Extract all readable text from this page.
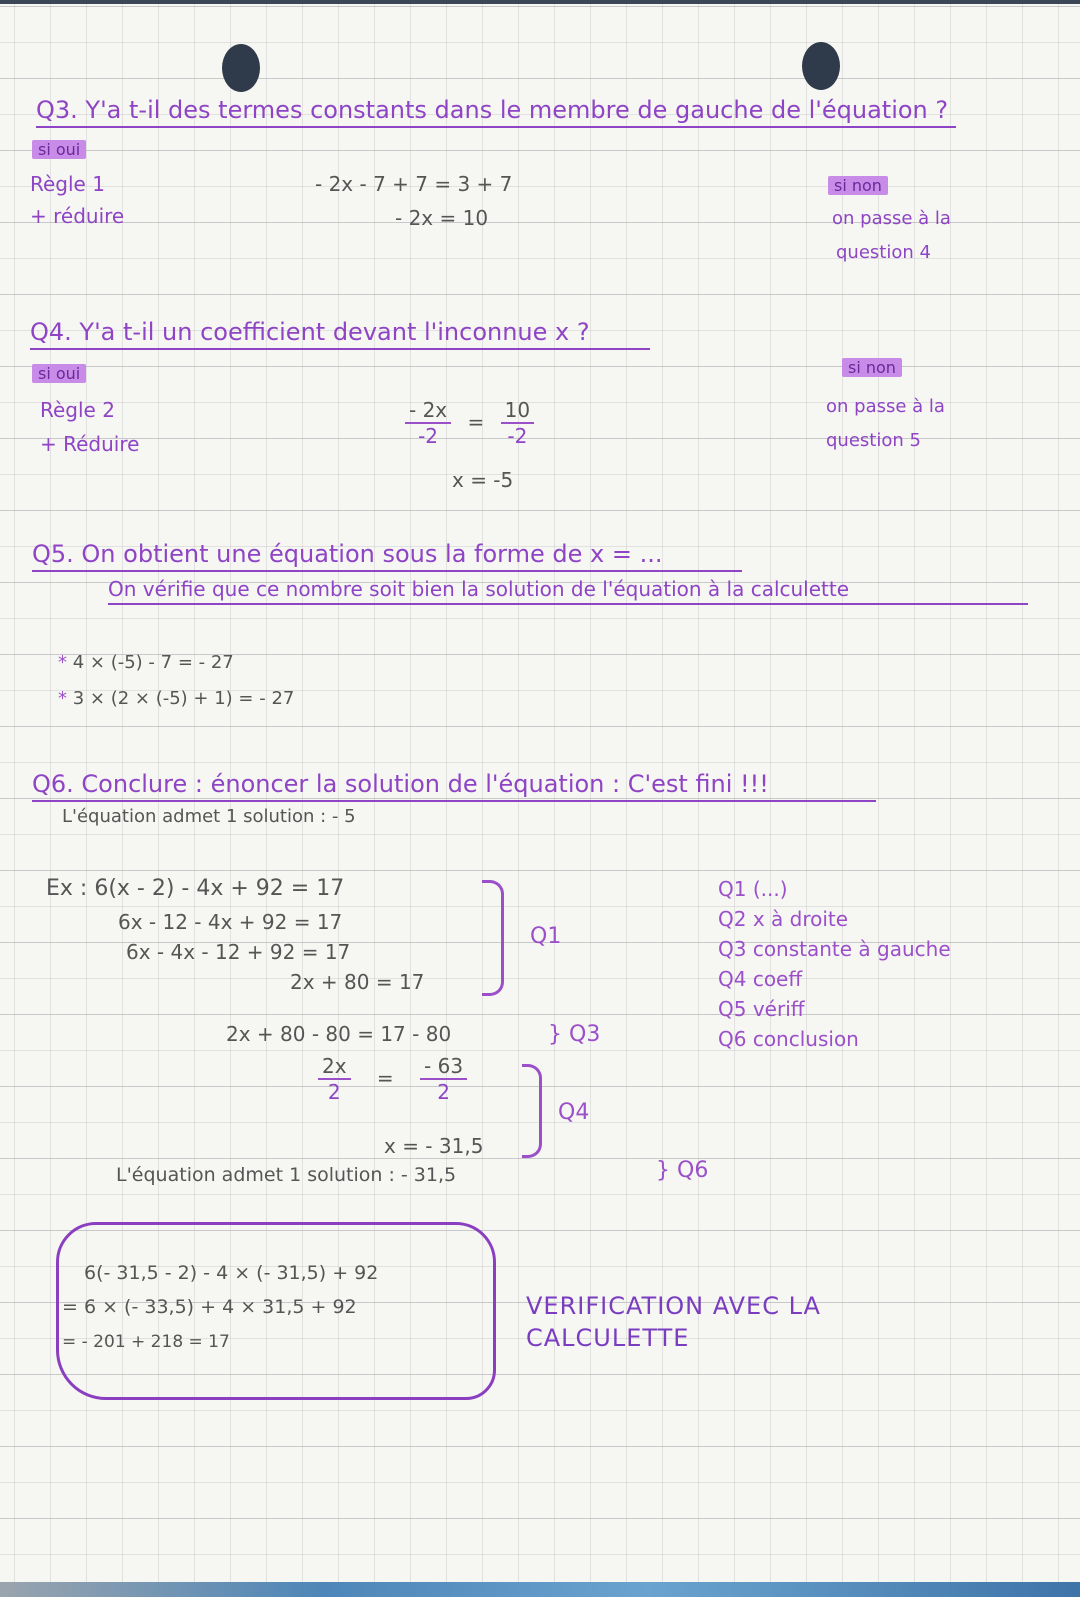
Q3. Y'a t-il des termes constants dans le membre de gauche de l'équation ?
si oui
Règle 1
+ réduire
- 2x - 7 + 7 = 3 + 7
- 2x = 10
si non
on passe à la
question 4
Q4. Y'a t-il un coefficient devant l'inconnue x ?
si oui
Règle 2
+ Réduire	$\frac{- 2x}{-2} = \frac{10}{-2}$
x = -5
si non
on passe à la
question 5
Q5. On obtient une équation sous la forme de x = ...
On vérifie que ce nombre soit bien la solution de l'équation à la calculette
* 4 × (-5) - 7 = - 27
* 3 × (2 × (-5) + 1) = - 27
Q6. Conclure : énoncer la solution de l'équation : C'est fini !!!
L'équation admet 1 solution : - 5
Ex : 6(x - 2) - 4x + 92 = 17
6x - 12 - 4x + 92 = 17
6x - 4x - 12 + 92 = 17
2x + 80 = 17
Q1
2x + 80 - 80 = 17 - 80	} Q3
$\frac{2x}{2} = \frac{- 63}{2}$
x = - 31,5
Q4
L'équation admet 1 solution : - 31,5	} Q6
Q1 (...)
Q2 x à droite
Q3 constante à gauche
Q4 coeff
Q5 vériff
Q6 conclusion
6(- 31,5 - 2) - 4 × (- 31,5) + 92
= 6 × (- 33,5) + 4 × 31,5 + 92
= - 201 + 218 = 17
VERIFICATION AVEC LA
CALCULETTE
